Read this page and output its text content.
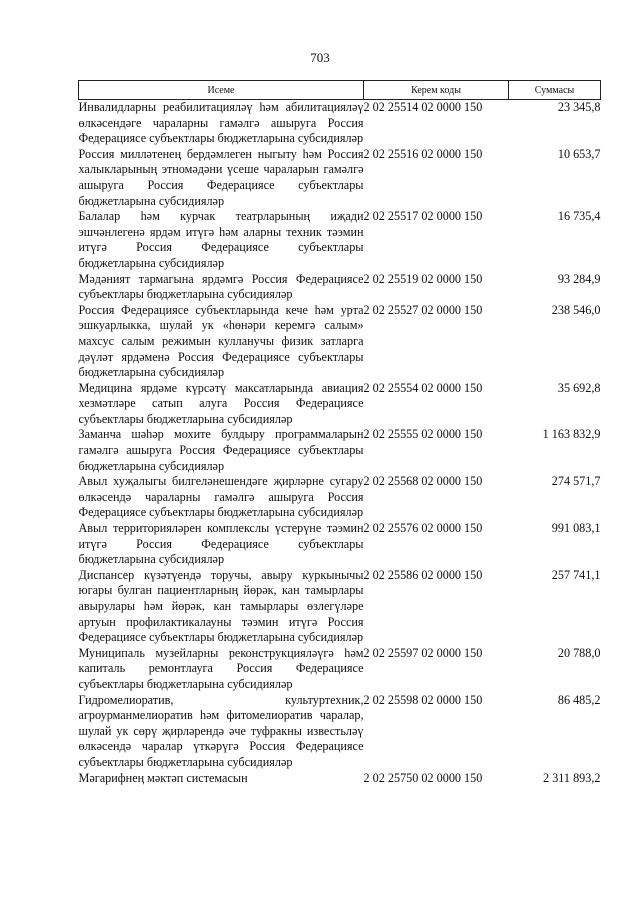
703
Исеме	Керем коды	Суммасы
Инвалидларны реабилитацияләү һәм абилитацияләү өлкәсендәге чараларны гамәлгә ашыруга Россия Федерациясе субъектлары бюджетларына субсидияләр	2 02 25514 02 0000 150	23 345,8
Россия милләтенең бердәмлеген ныгыту һәм Россия халыкларының этномәдәни үсеше чараларын гамәлгә ашыруга Россия Федерациясе субъектлары бюджетларына субсидияләр	2 02 25516 02 0000 150	10 653,7
Балалар һәм курчак театрларының иҗади эшчәнлегенә ярдәм итүгә һәм аларны техник тәэмин итүгә Россия Федерациясе субъектлары бюджетларына субсидияләр	2 02 25517 02 0000 150	16 735,4
Мәдәният тармагына ярдәмгә Россия Федерациясе субъектлары бюджетларына субсидияләр	2 02 25519 02 0000 150	93 284,9
Россия Федерациясе субъектларында кече һәм урта эшкуарлыкка, шулай ук «һөнәри керемгә салым» махсус салым режимын кулланучы физик затларга дәүләт ярдәменә Россия Федерациясе субъектлары бюджетларына субсидияләр	2 02 25527 02 0000 150	238 546,0
Медицина ярдәме күрсәтү максатларында авиация хезмәтләре сатып алуга Россия Федерациясе субъектлары бюджетларына субсидияләр	2 02 25554 02 0000 150	35 692,8
Заманча шәһәр мохите булдыру программаларын гамәлгә ашыруга Россия Федерациясе субъектлары бюджетларына субсидияләр	2 02 25555 02 0000 150	1 163 832,9
Авыл хуҗалыгы билгеләнешендәге җирләрне сугару өлкәсендә чараларны гамәлгә ашыруга Россия Федерациясе субъектлары бюджетларына субсидияләр	2 02 25568 02 0000 150	274 571,7
Авыл территорияләрен комплекслы үстерүне тәэмин итүгә Россия Федерациясе субъектлары бюджетларына субсидияләр	2 02 25576 02 0000 150	991 083,1
Диспансер күзәтүендә торучы, авыру куркынычы югары булган пациентларның йөрәк, кан тамырлары авырулары һәм йөрәк, кан тамырлары өзлегүләре артуын профилактикалауны тәэмин итүгә Россия Федерациясе субъектлары бюджетларына субсидияләр	2 02 25586 02 0000 150	257 741,1
Муниципаль музейларны реконструкцияләүгә һәм капиталь ремонтлауга Россия Федерациясе субъектлары бюджетларына субсидияләр	2 02 25597 02 0000 150	20 788,0
Гидромелиоратив, культуртехник, агроурманмелиоратив һәм фитомелиоратив чаралар, шулай ук сөрү җирләрендә әче туфракны известьләү өлкәсендә чаралар үткәрүгә Россия Федерациясе субъектлары бюджетларына субсидияләр	2 02 25598 02 0000 150	86 485,2
Мәгарифнең мәктәп системасын	2 02 25750 02 0000 150	2 311 893,2
